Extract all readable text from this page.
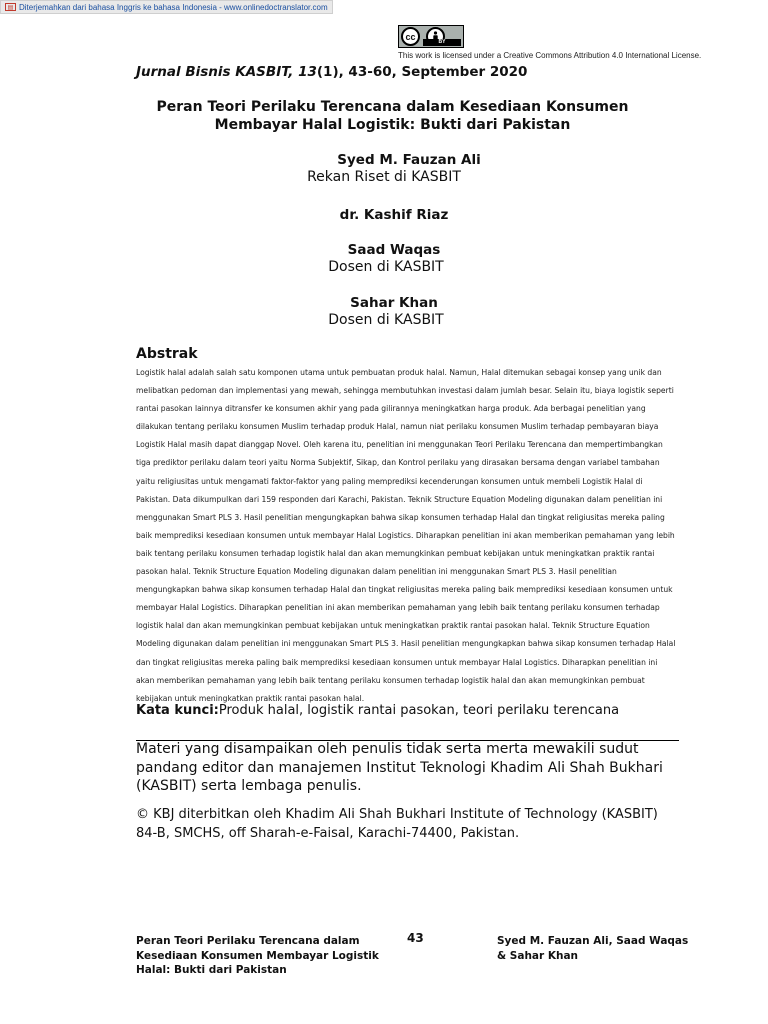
▤ Diterjemahkan dari bahasa Inggris ke bahasa Indonesia - www.onlinedoctranslator.com
cc
BY
This work is licensed under a Creative Commons Attribution 4.0 International License.
Jurnal Bisnis KASBIT, 13(1), 43-60, September 2020
Peran Teori Perilaku Terencana dalam Kesediaan Konsumen Membayar Halal Logistik: Bukti dari Pakistan
Syed M. Fauzan Ali
Rekan Riset di KASBIT
dr. Kashif Riaz
Saad Waqas
Dosen di KASBIT
Sahar Khan
Dosen di KASBIT
Abstrak
Logistik halal adalah salah satu komponen utama untuk pembuatan produk halal. Namun, Halal ditemukan sebagai konsep yang unik dan melibatkan pedoman dan implementasi yang mewah, sehingga membutuhkan investasi dalam jumlah besar. Selain itu, biaya logistik seperti rantai pasokan lainnya ditransfer ke konsumen akhir yang pada gilirannya meningkatkan harga produk. Ada berbagai penelitian yang dilakukan tentang perilaku konsumen Muslim terhadap produk Halal, namun niat perilaku konsumen Muslim terhadap pembayaran biaya Logistik Halal masih dapat dianggap Novel. Oleh karena itu, penelitian ini menggunakan Teori Perilaku Terencana dan mempertimbangkan tiga prediktor perilaku dalam teori yaitu Norma Subjektif, Sikap, dan Kontrol perilaku yang dirasakan bersama dengan variabel tambahan yaitu religiusitas untuk mengamati faktor-faktor yang paling memprediksi kecenderungan konsumen untuk membeli Logistik Halal di Pakistan. Data dikumpulkan dari 159 responden dari Karachi, Pakistan. Teknik Structure Equation Modeling digunakan dalam penelitian ini menggunakan Smart PLS 3. Hasil penelitian mengungkapkan bahwa sikap konsumen terhadap Halal dan tingkat religiusitas mereka paling baik memprediksi kesediaan konsumen untuk membayar Halal Logistics. Diharapkan penelitian ini akan memberikan pemahaman yang lebih baik tentang perilaku konsumen terhadap logistik halal dan akan memungkinkan pembuat kebijakan untuk meningkatkan praktik rantai pasokan halal. Teknik Structure Equation Modeling digunakan dalam penelitian ini menggunakan Smart PLS 3. Hasil penelitian mengungkapkan bahwa sikap konsumen terhadap Halal dan tingkat religiusitas mereka paling baik memprediksi kesediaan konsumen untuk membayar Halal Logistics. Diharapkan penelitian ini akan memberikan pemahaman yang lebih baik tentang perilaku konsumen terhadap logistik halal dan akan memungkinkan pembuat kebijakan untuk meningkatkan praktik rantai pasokan halal. Teknik Structure Equation Modeling digunakan dalam penelitian ini menggunakan Smart PLS 3. Hasil penelitian mengungkapkan bahwa sikap konsumen terhadap Halal dan tingkat religiusitas mereka paling baik memprediksi kesediaan konsumen untuk membayar Halal Logistics. Diharapkan penelitian ini akan memberikan pemahaman yang lebih baik tentang perilaku konsumen terhadap logistik halal dan akan memungkinkan pembuat kebijakan untuk meningkatkan praktik rantai pasokan halal.
Kata kunci:Produk halal, logistik rantai pasokan, teori perilaku terencana
Materi yang disampaikan oleh penulis tidak serta merta mewakili sudut pandang editor dan manajemen Institut Teknologi Khadim Ali Shah Bukhari (KASBIT) serta lembaga penulis.
© KBJ diterbitkan oleh Khadim Ali Shah Bukhari Institute of Technology (KASBIT) 84-B, SMCHS, off Sharah-e-Faisal, Karachi-74400, Pakistan.
Peran Teori Perilaku Terencana dalam Kesediaan Konsumen Membayar Logistik Halal: Bukti dari Pakistan
43	Syed M. Fauzan Ali, Saad Waqas & Sahar Khan
